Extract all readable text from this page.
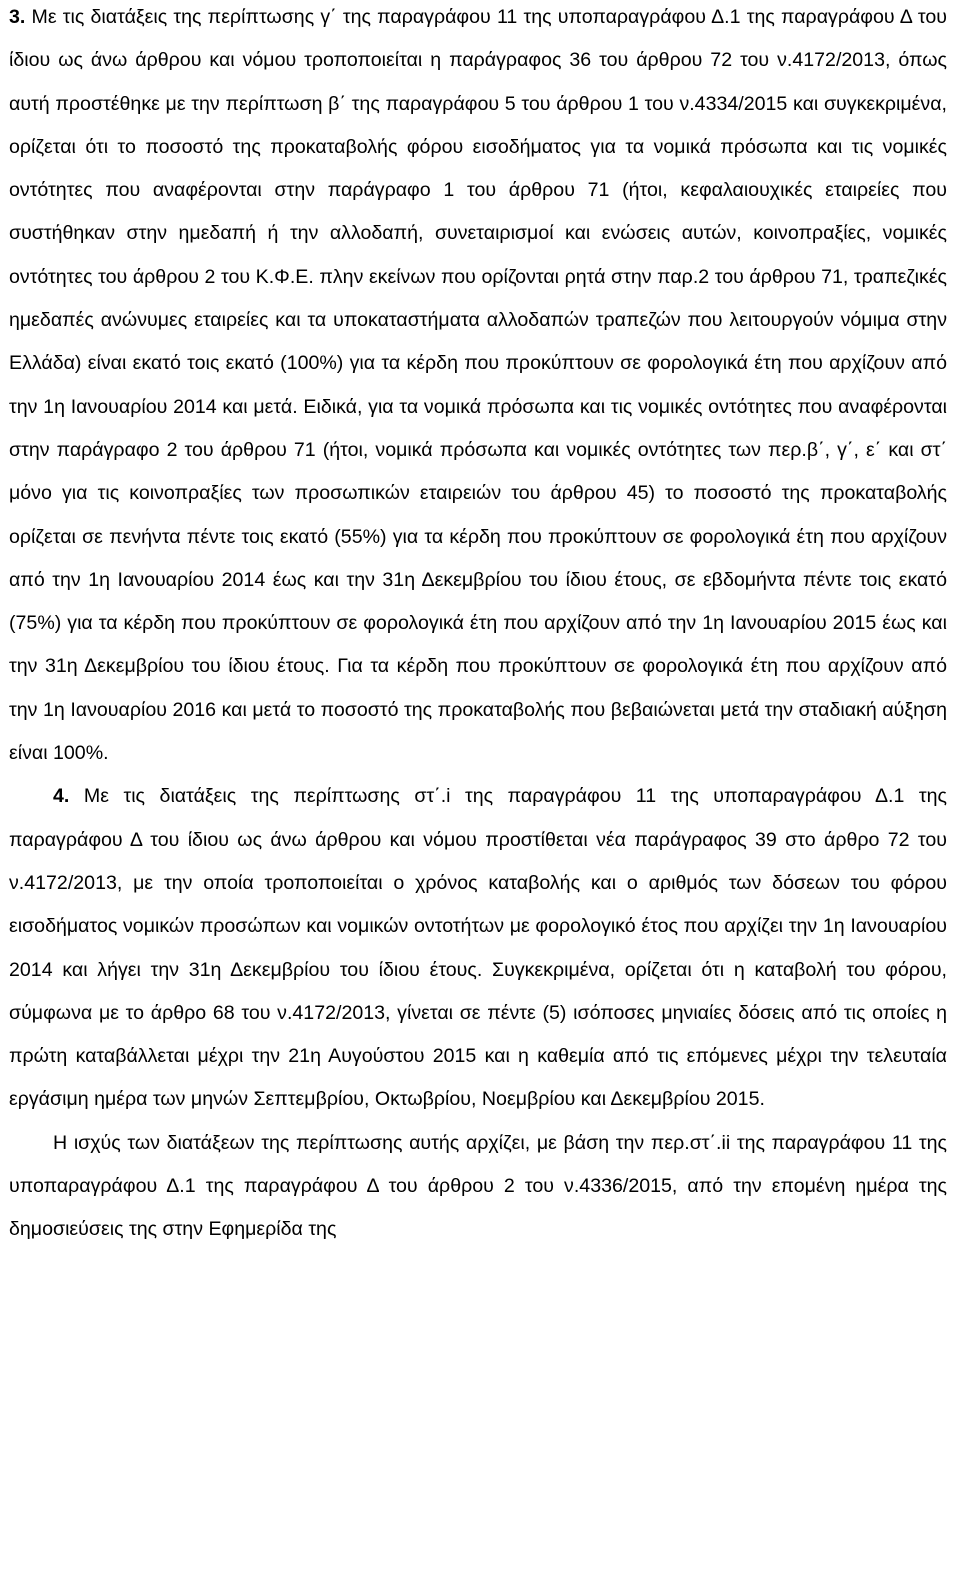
3. Με τις διατάξεις της περίπτωσης γ΄ της παραγράφου 11 της υποπαραγράφου Δ.1 της παραγράφου Δ του ίδιου ως άνω άρθρου και νόμου τροποποιείται η παράγραφος 36 του άρθρου 72 του ν.4172/2013, όπως αυτή προστέθηκε με την περίπτωση β΄ της παραγράφου 5 του άρθρου 1 του ν.4334/2015 και συγκεκριμένα, ορίζεται ότι το ποσοστό της προκαταβολής φόρου εισοδήματος για τα νομικά πρόσωπα και τις νομικές οντότητες που αναφέρονται στην παράγραφο 1 του άρθρου 71 (ήτοι, κεφαλαιουχικές εταιρείες που συστήθηκαν στην ημεδαπή ή την αλλοδαπή, συνεταιρισμοί και ενώσεις αυτών, κοινοπραξίες, νομικές οντότητες του άρθρου 2 του Κ.Φ.Ε. πλην εκείνων που ορίζονται ρητά στην παρ.2 του άρθρου 71, τραπεζικές ημεδαπές ανώνυμες εταιρείες και τα υποκαταστήματα αλλοδαπών τραπεζών που λειτουργούν νόμιμα στην Ελλάδα) είναι εκατό τοις εκατό (100%) για τα κέρδη που προκύπτουν σε φορολογικά έτη που αρχίζουν από την 1η Ιανουαρίου 2014 και μετά. Ειδικά, για τα νομικά πρόσωπα και τις νομικές οντότητες που αναφέρονται στην παράγραφο 2 του άρθρου 71 (ήτοι, νομικά πρόσωπα και νομικές οντότητες των περ.β΄, γ΄, ε΄ και στ΄ μόνο για τις κοινοπραξίες των προσωπικών εταιρειών του άρθρου 45) το ποσοστό της προκαταβολής ορίζεται σε πενήντα πέντε τοις εκατό (55%) για τα κέρδη που προκύπτουν σε φορολογικά έτη που αρχίζουν από την 1η Ιανουαρίου 2014 έως και την 31η Δεκεμβρίου του ίδιου έτους, σε εβδομήντα πέντε τοις εκατό (75%) για τα κέρδη που προκύπτουν σε φορολογικά έτη που αρχίζουν από την 1η Ιανουαρίου 2015 έως και την 31η Δεκεμβρίου του ίδιου έτους. Για τα κέρδη που προκύπτουν σε φορολογικά έτη που αρχίζουν από την 1η Ιανουαρίου 2016 και μετά το ποσοστό της προκαταβολής που βεβαιώνεται μετά την σταδιακή αύξηση είναι 100%.

4. Με τις διατάξεις της περίπτωσης στ΄.i της παραγράφου 11 της υποπαραγράφου Δ.1 της παραγράφου Δ του ίδιου ως άνω άρθρου και νόμου προστίθεται νέα παράγραφος 39 στο άρθρο 72 του ν.4172/2013, με την οποία τροποποιείται ο χρόνος καταβολής και ο αριθμός των δόσεων του φόρου εισοδήματος νομικών προσώπων και νομικών οντοτήτων με φορολογικό έτος που αρχίζει την 1η Ιανουαρίου 2014 και λήγει την 31η Δεκεμβρίου του ίδιου έτους. Συγκεκριμένα, ορίζεται ότι η καταβολή του φόρου, σύμφωνα με το άρθρο 68 του ν.4172/2013, γίνεται σε πέντε (5) ισόποσες μηνιαίες δόσεις από τις οποίες η πρώτη καταβάλλεται μέχρι την 21η Αυγούστου 2015 και η καθεμία από τις επόμενες μέχρι την τελευταία εργάσιμη ημέρα των μηνών Σεπτεμβρίου, Οκτωβρίου, Νοεμβρίου και Δεκεμβρίου 2015.

Η ισχύς των διατάξεων της περίπτωσης αυτής αρχίζει, με βάση την περ.στ΄.ii της παραγράφου 11 της υποπαραγράφου Δ.1 της παραγράφου Δ του άρθρου 2 του ν.4336/2015, από την επομένη ημέρα της δημοσιεύσεις της στην Εφημερίδα της
